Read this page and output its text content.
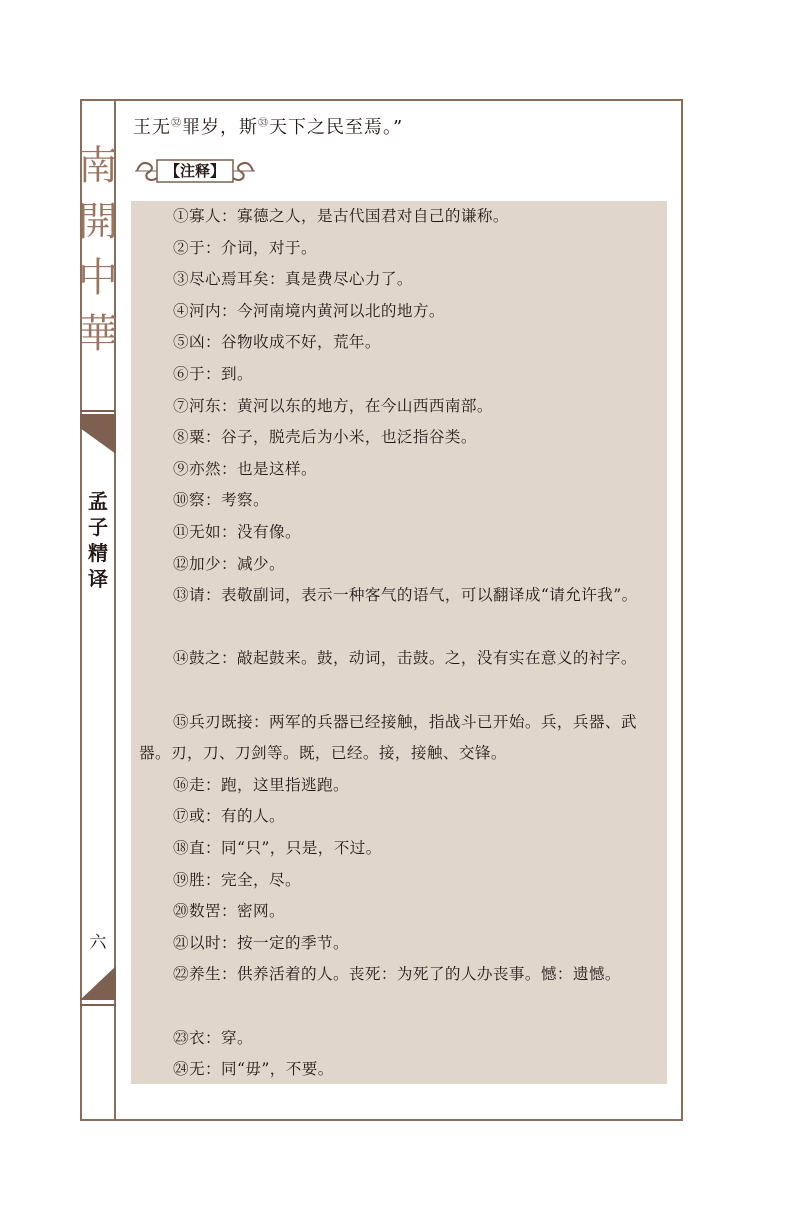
南
開
中
華
孟
子
精
译
六
王无$^㉜$罪岁，斯$^㉝$天下之民至焉。”
【注释】
①寡人：寡德之人，是古代国君对自己的谦称。
②于：介词，对于。
③尽心焉耳矣：真是费尽心力了。
④河内：今河南境内黄河以北的地方。
⑤凶：谷物收成不好，荒年。
⑥于：到。
⑦河东：黄河以东的地方，在今山西西南部。
⑧粟：谷子，脱壳后为小米，也泛指谷类。
⑨亦然：也是这样。
⑩察：考察。
⑪无如：没有像。
⑫加少：减少。
⑬请：表敬副词，表示一种客气的语气，可以翻译成“请允许我”。
⑭鼓之：敲起鼓来。鼓，动词，击鼓。之，没有实在意义的衬字。
⑮兵刃既接：两军的兵器已经接触，指战斗已开始。兵，兵器、武器。刃，刀、刀剑等。既，已经。接，接触、交锋。
⑯走：跑，这里指逃跑。
⑰或：有的人。
⑱直：同“只”，只是，不过。
⑲胜：完全，尽。
⑳数罟：密网。
㉑以时：按一定的季节。
㉒养生：供养活着的人。丧死：为死了的人办丧事。憾：遗憾。
㉓衣：穿。
㉔无：同“毋”，不要。
